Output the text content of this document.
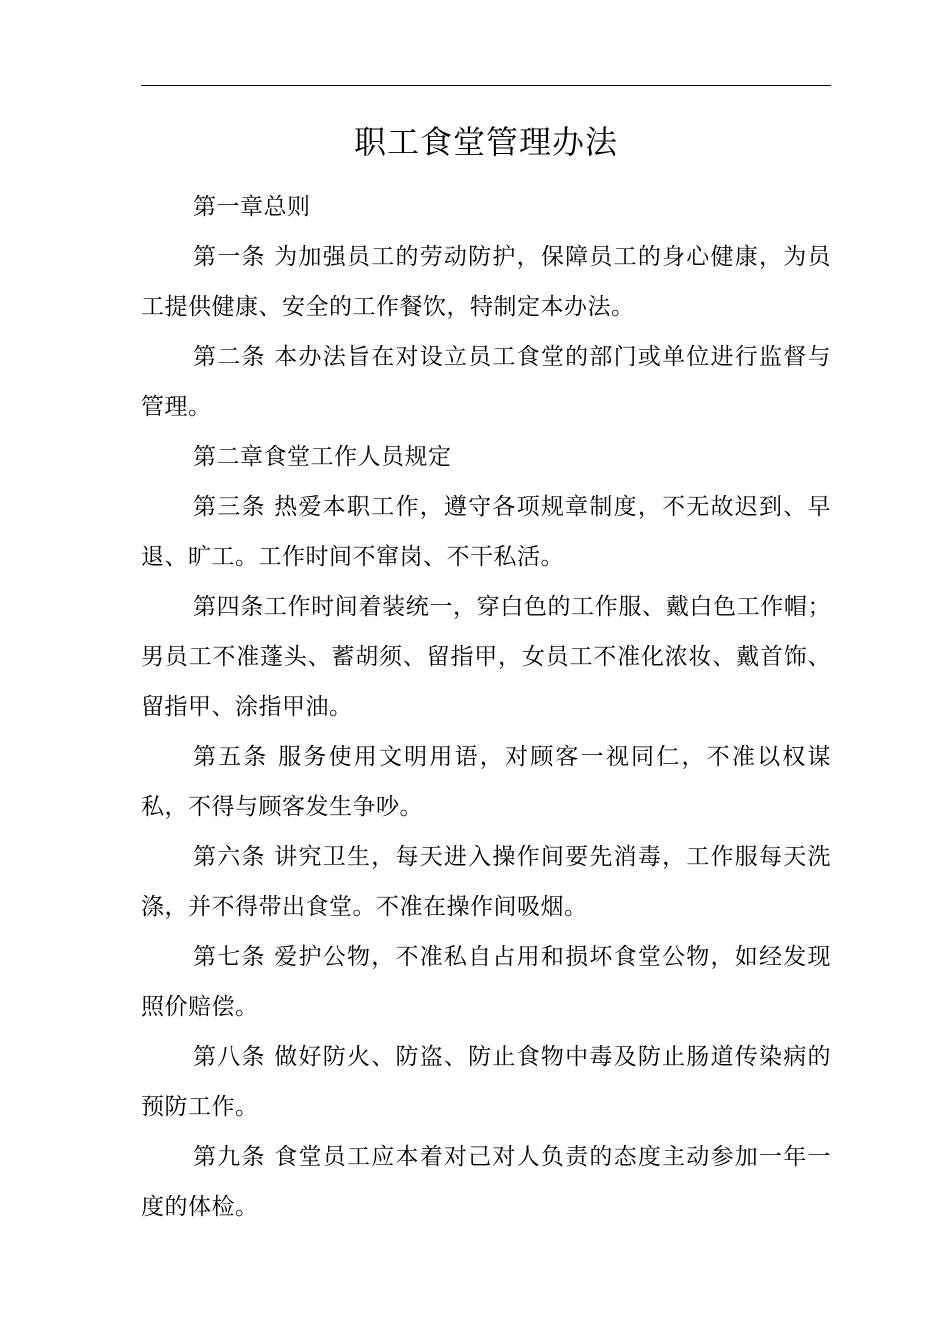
职工食堂管理办法

第一章总则

第一条 为加强员工的劳动防护，保障员工的身心健康，为员工提供健康、安全的工作餐饮，特制定本办法。

第二条 本办法旨在对设立员工食堂的部门或单位进行监督与管理。

第二章食堂工作人员规定

第三条 热爱本职工作，遵守各项规章制度，不无故迟到、早退、旷工。工作时间不窜岗、不干私活。

第四条工作时间着装统一，穿白色的工作服、戴白色工作帽；男员工不准蓬头、蓄胡须、留指甲，女员工不准化浓妆、戴首饰、留指甲、涂指甲油。

第五条 服务使用文明用语，对顾客一视同仁，不准以权谋私，不得与顾客发生争吵。

第六条 讲究卫生，每天进入操作间要先消毒，工作服每天洗涤，并不得带出食堂。不准在操作间吸烟。

第七条 爱护公物，不准私自占用和损坏食堂公物，如经发现照价赔偿。

第八条 做好防火、防盗、防止食物中毒及防止肠道传染病的预防工作。

第九条 食堂员工应本着对己对人负责的态度主动参加一年一度的体检。
